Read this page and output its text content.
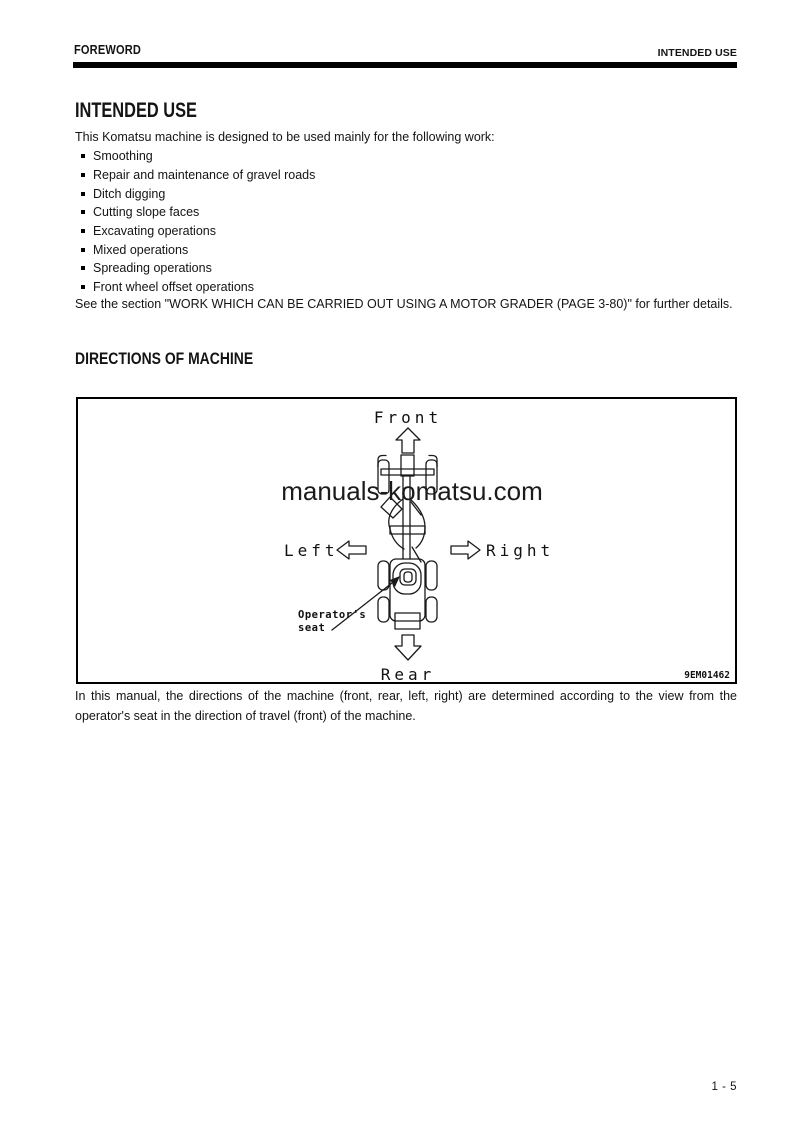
FOREWORD	INTENDED USE
INTENDED USE
This Komatsu machine is designed to be used mainly for the following work:
Smoothing
Repair and maintenance of gravel roads
Ditch digging
Cutting slope faces
Excavating operations
Mixed operations
Spreading operations
Front wheel offset operations
See the section "WORK WHICH CAN BE CARRIED OUT USING A MOTOR GRADER (PAGE 3-80)" for further details.
DIRECTIONS OF MACHINE
manuals-komatsu.com
Front
Left	Right
Rear
Operator's
seat
9EM01462
In this manual, the directions of the machine (front, rear, left, right) are determined according to the view from the operator's seat in the direction of travel (front) of the machine.
1 - 5
